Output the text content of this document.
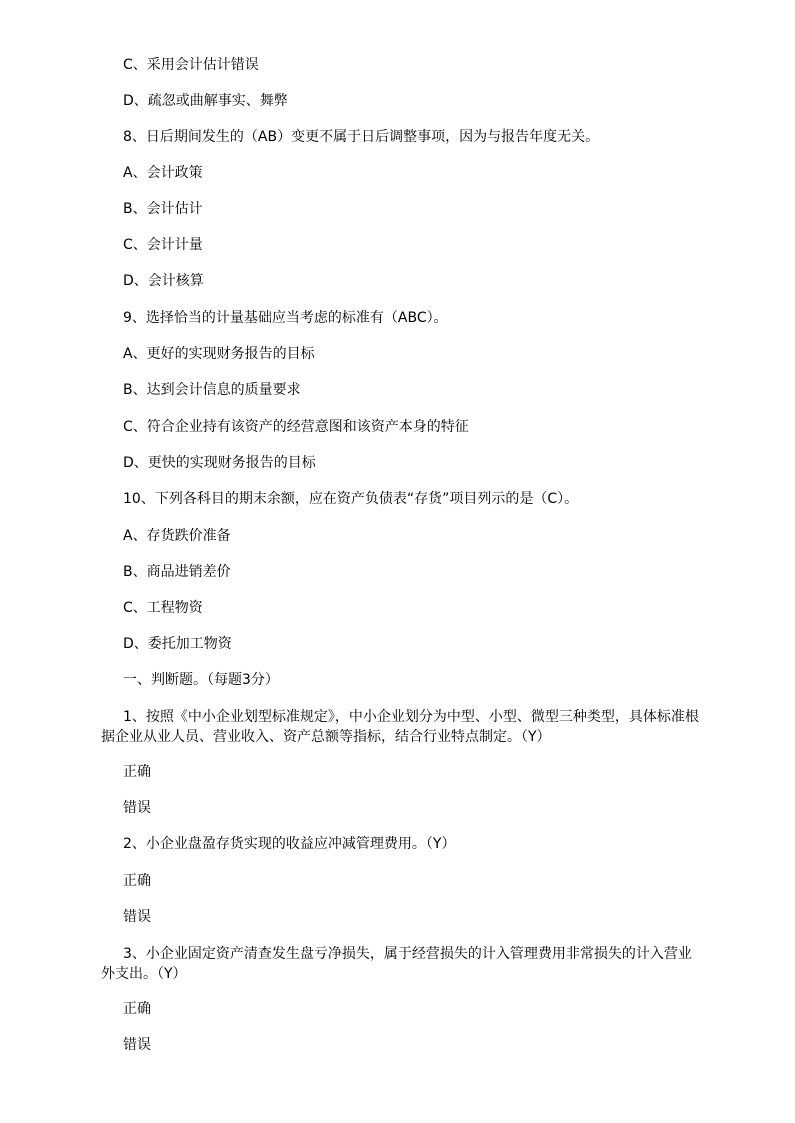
C、采用会计估计错误
D、疏忽或曲解事实、舞弊
8、日后期间发生的（AB）变更不属于日后调整事项，因为与报告年度无关。
A、会计政策
B、会计估计
C、会计计量
D、会计核算
9、选择恰当的计量基础应当考虑的标准有（ABC）。
A、更好的实现财务报告的目标
B、达到会计信息的质量要求
C、符合企业持有该资产的经营意图和该资产本身的特征
D、更快的实现财务报告的目标
10、下列各科目的期末余额，应在资产负债表“存货”项目列示的是（C）。
A、存货跌价准备
B、商品进销差价
C、工程物资
D、委托加工物资
一、判断题。（每题3分）
1、按照《中小企业划型标准规定》，中小企业划分为中型、小型、微型三种类型，具体标准根据企业从业人员、营业收入、资产总额等指标，结合行业特点制定。（Y）
正确
错误
2、小企业盘盈存货实现的收益应冲减管理费用。（Y）
正确
错误
3、小企业固定资产清查发生盘亏净损失，属于经营损失的计入管理费用非常损失的计入营业外支出。（Y）
正确
错误
